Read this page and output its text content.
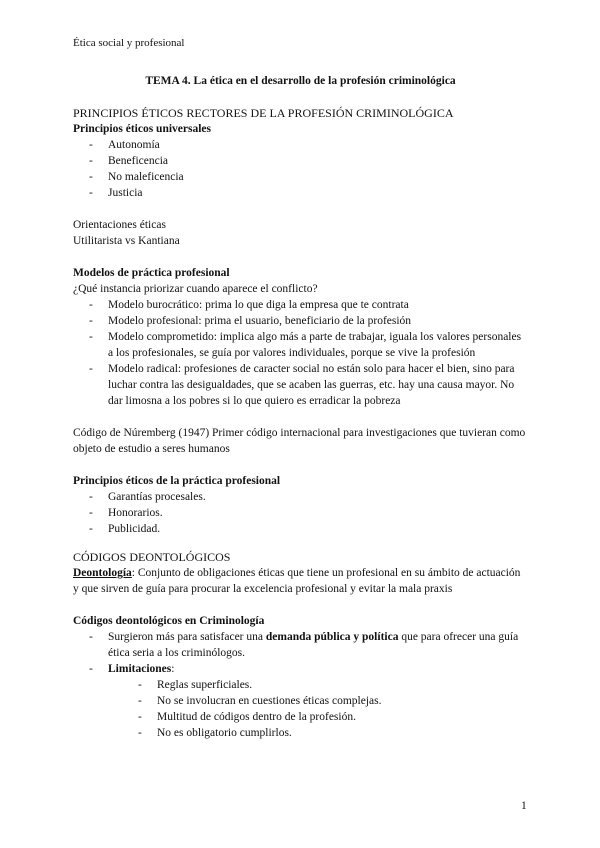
Ética social y profesional

TEMA 4. La ética en el desarrollo de la profesión criminológica

PRINCIPIOS ÉTICOS RECTORES DE LA PROFESIÓN CRIMINOLÓGICA

Principios éticos universales

- Autonomía
- Beneficencia
- No maleficencia
- Justicia

Orientaciones éticas

Utilitarista vs Kantiana

Modelos de práctica profesional

¿Qué instancia priorizar cuando aparece el conflicto?

- Modelo burocrático: prima lo que diga la empresa que te contrata
- Modelo profesional: prima el usuario, beneficiario de la profesión
- Modelo comprometido: implica algo más a parte de trabajar, iguala los valores personales a los profesionales, se guía por valores individuales, porque se vive la profesión
- Modelo radical: profesiones de caracter social no están solo para hacer el bien, sino para luchar contra las desigualdades, que se acaben las guerras, etc. hay una causa mayor. No dar limosna a los pobres si lo que quiero es erradicar la pobreza

Código de Núremberg (1947) Primer código internacional para investigaciones que tuvieran como objeto de estudio a seres humanos

Principios éticos de la práctica profesional

- Garantías procesales.
- Honorarios.
- Publicidad.

CÓDIGOS DEONTOLÓGICOS

Deontología: Conjunto de obligaciones éticas que tiene un profesional en su ámbito de actuación y que sirven de guía para procurar la excelencia profesional y evitar la mala praxis

Códigos deontológicos en Criminología

- Surgieron más para satisfacer una demanda pública y política que para ofrecer una guía ética seria a los criminólogos.
- Limitaciones:
- Reglas superficiales.
- No se involucran en cuestiones éticas complejas.
- Multitud de códigos dentro de la profesión.
- No es obligatorio cumplirlos.
1
